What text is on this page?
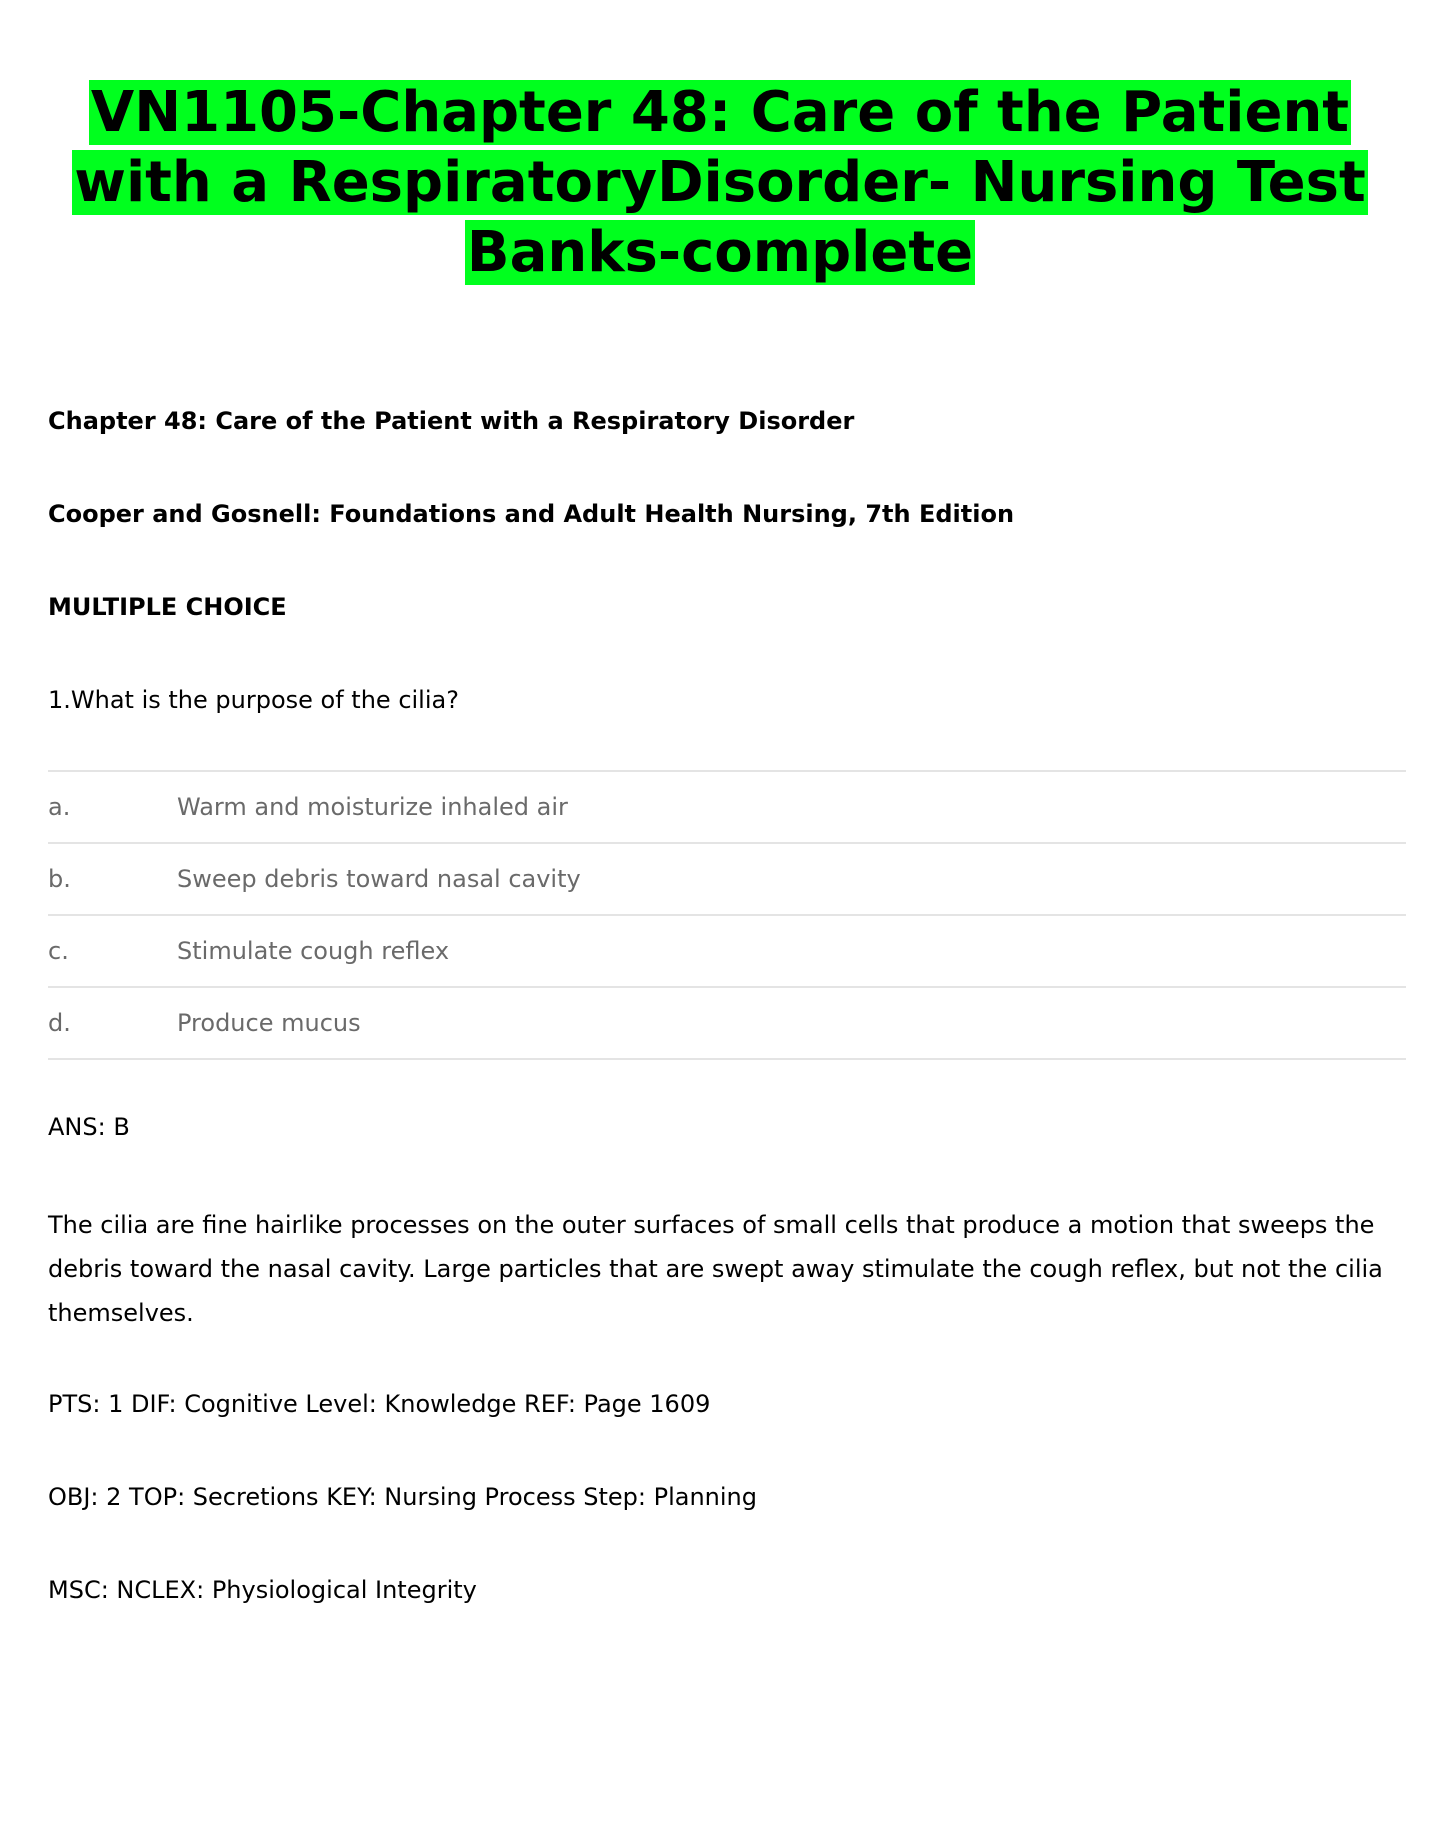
VN1105-Chapter 48: Care of the Patient with a RespiratoryDisorder- Nursing Test Banks-complete

Chapter 48: Care of the Patient with a Respiratory Disorder

Cooper and Gosnell: Foundations and Adult Health Nursing, 7th Edition

MULTIPLE CHOICE

1.What is the purpose of the cilia?

a.	Warm and moisturize inhaled air
b.	Sweep debris toward nasal cavity
c.	Stimulate cough reflex
d.	Produce mucus

ANS: B

The cilia are fine hairlike processes on the outer surfaces of small cells that produce a motion that sweeps the debris toward the nasal cavity. Large particles that are swept away stimulate the cough reflex, but not the cilia themselves.

PTS: 1 DIF: Cognitive Level: Knowledge REF: Page 1609

OBJ: 2 TOP: Secretions KEY: Nursing Process Step: Planning

MSC: NCLEX: Physiological Integrity
